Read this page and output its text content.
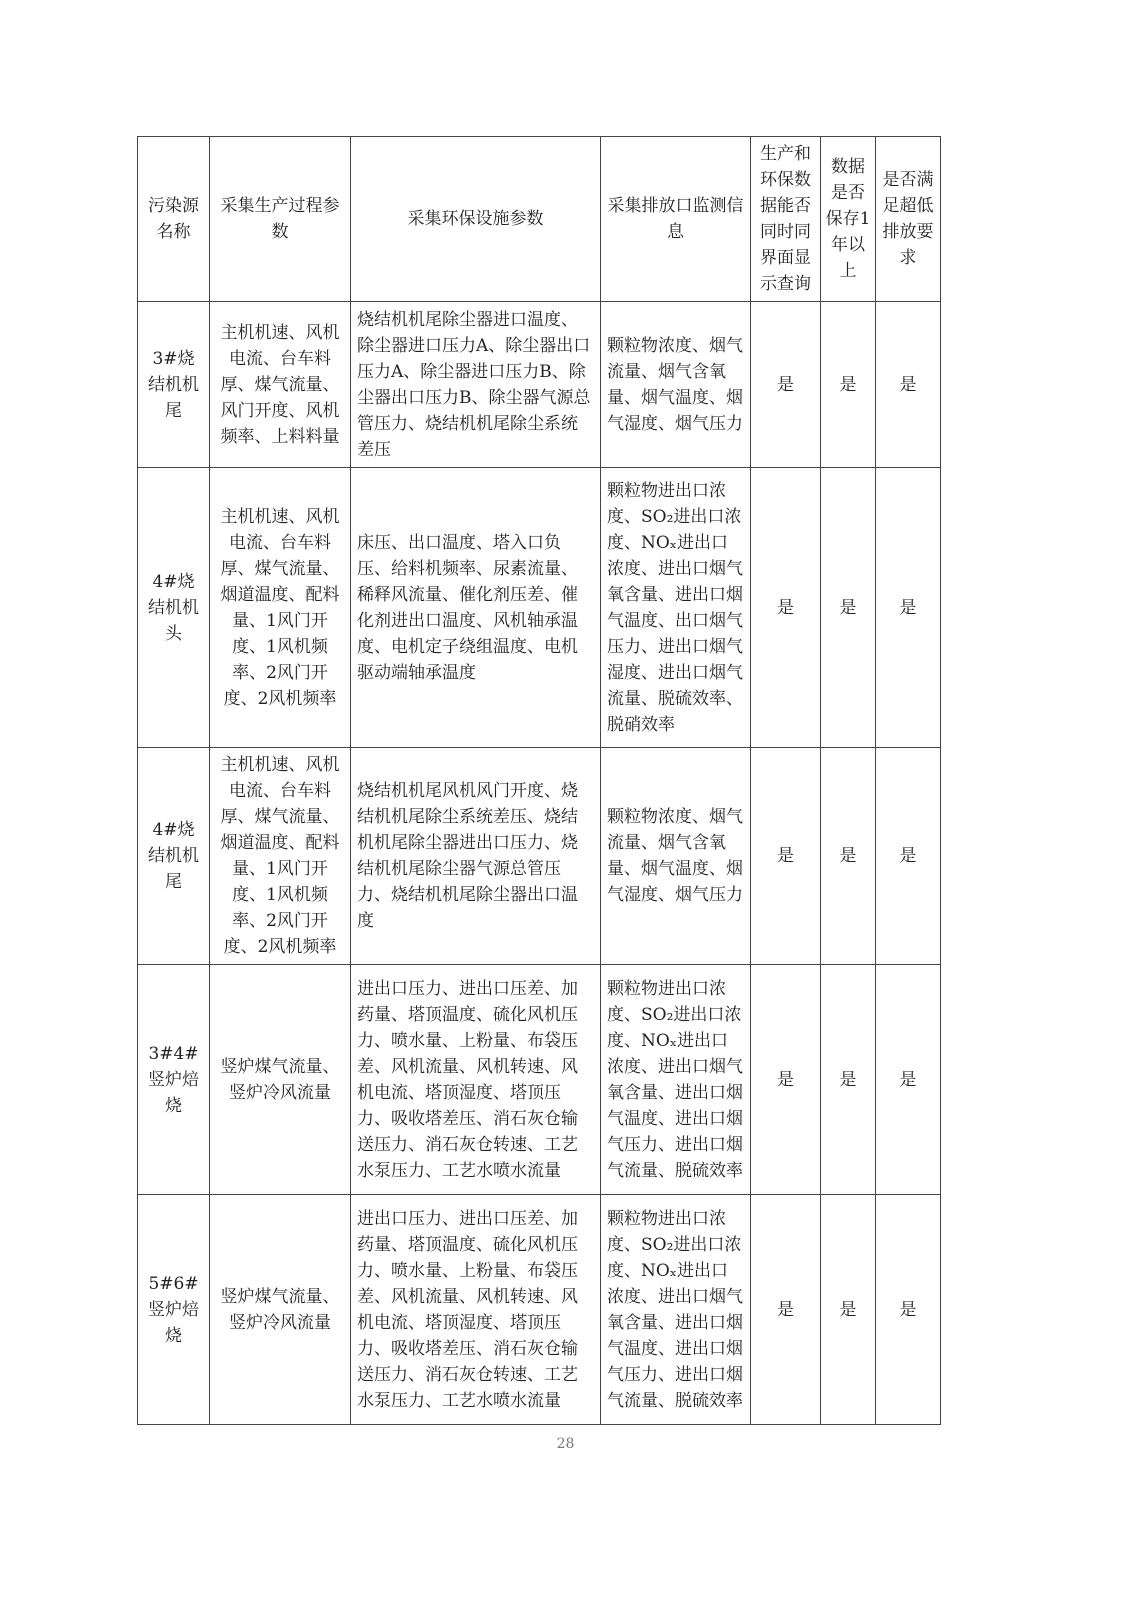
污染源名称	采集生产过程参数	采集环保设施参数	采集排放口监测信息	生产和环保数据能否同时同界面显示查询	数据是否保存1年以上	是否满足超低排放要求
3#烧结机机尾	主机机速、风机电流、台车料厚、煤气流量、风门开度、风机频率、上料料量	烧结机机尾除尘器进口温度、除尘器进口压力A、除尘器出口压力A、除尘器进口压力B、除尘器出口压力B、除尘器气源总管压力、烧结机机尾除尘系统差压	颗粒物浓度、烟气流量、烟气含氧量、烟气温度、烟气湿度、烟气压力	是	是	是
4#烧结机机头	主机机速、风机电流、台车料厚、煤气流量、烟道温度、配料量、1风门开度、1风机频率、2风门开度、2风机频率	床压、出口温度、塔入口负压、给料机频率、尿素流量、稀释风流量、催化剂压差、催化剂进出口温度、风机轴承温度、电机定子绕组温度、电机驱动端轴承温度	颗粒物进出口浓度、SO₂进出口浓度、NOₓ进出口浓度、进出口烟气氧含量、进出口烟气温度、出口烟气压力、进出口烟气湿度、进出口烟气流量、脱硫效率、脱硝效率	是	是	是
4#烧结机机尾	主机机速、风机电流、台车料厚、煤气流量、烟道温度、配料量、1风门开度、1风机频率、2风门开度、2风机频率	烧结机机尾风机风门开度、烧结机机尾除尘系统差压、烧结机机尾除尘器进出口压力、烧结机机尾除尘器气源总管压力、烧结机机尾除尘器出口温度	颗粒物浓度、烟气流量、烟气含氧量、烟气温度、烟气湿度、烟气压力	是	是	是
3#4#竖炉焙烧	竖炉煤气流量、竖炉冷风流量	进出口压力、进出口压差、加药量、塔顶温度、硫化风机压力、喷水量、上粉量、布袋压差、风机流量、风机转速、风机电流、塔顶湿度、塔顶压力、吸收塔差压、消石灰仓输送压力、消石灰仓转速、工艺水泵压力、工艺水喷水流量	颗粒物进出口浓度、SO₂进出口浓度、NOₓ进出口浓度、进出口烟气氧含量、进出口烟气温度、进出口烟气压力、进出口烟气流量、脱硫效率	是	是	是
5#6#竖炉焙烧	竖炉煤气流量、竖炉冷风流量	进出口压力、进出口压差、加药量、塔顶温度、硫化风机压力、喷水量、上粉量、布袋压差、风机流量、风机转速、风机电流、塔顶湿度、塔顶压力、吸收塔差压、消石灰仓输送压力、消石灰仓转速、工艺水泵压力、工艺水喷水流量	颗粒物进出口浓度、SO₂进出口浓度、NOₓ进出口浓度、进出口烟气氧含量、进出口烟气温度、进出口烟气压力、进出口烟气流量、脱硫效率	是	是	是
28
